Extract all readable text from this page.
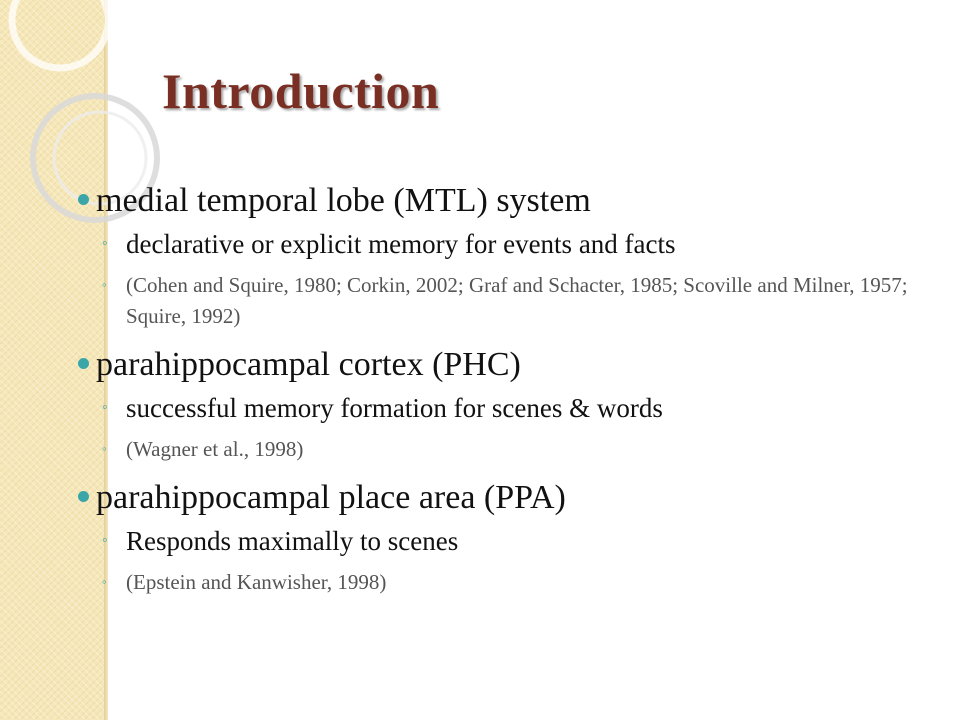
Introduction

medial temporal lobe (MTL) system

◦ declarative or explicit memory for events and facts

◦ (Cohen and Squire, 1980; Corkin, 2002; Graf and Schacter, 1985; Scoville and Milner, 1957; Squire, 1992)

parahippocampal cortex (PHC)

◦ successful memory formation for scenes & words

◦ (Wagner et al., 1998)

parahippocampal place area (PPA)

◦ Responds maximally to scenes

◦ (Epstein and Kanwisher, 1998)
